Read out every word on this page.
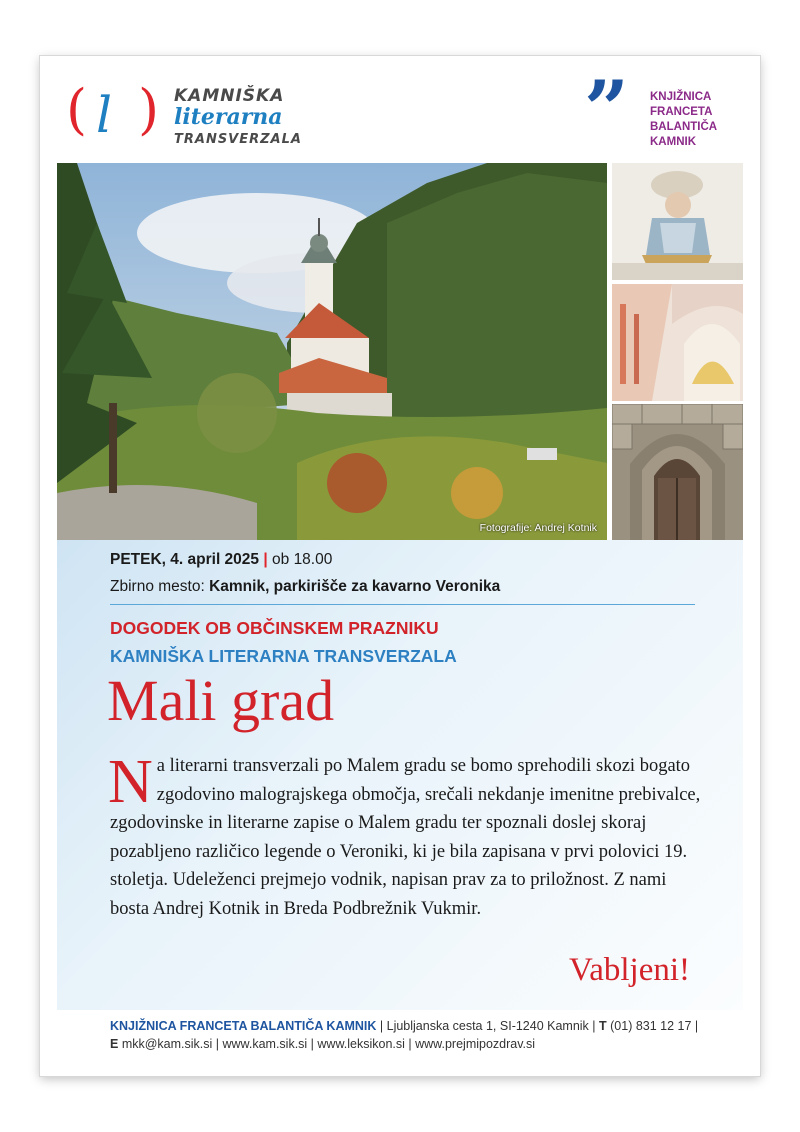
( l ) KAMNIŠKA
literarna
TRANSVERZALA	” KNJIŽNICA
FRANCETA
BALANTIČA
KAMNIK
Fotografije: Andrej Kotnik
PETEK, 4. april 2025 | ob 18.00
Zbirno mesto: Kamnik, parkirišče za kavarno Veronika
DOGODEK OB OBČINSKEM PRAZNIKU
KAMNIŠKA LITERARNA TRANSVERZALA
Mali grad
Na literarni transverzali po Malem gradu se bomo sprehodili skozi bogato zgodovino malograjskega območja, srečali nekdanje imenitne prebivalce, zgodovinske in literarne zapise o Malem gradu ter spoznali doslej skoraj pozabljeno različico legende o Veroniki, ki je bila zapisana v prvi polovici 19. stoletja. Udeleženci prejmejo vodnik, napisan prav za to priložnost. Z nami bosta Andrej Kotnik in Breda Podbrežnik Vukmir.
Vabljeni!
KNJIŽNICA FRANCETA BALANTIČA KAMNIK | Ljubljanska cesta 1, SI-1240 Kamnik | T (01) 831 12 17 | E mkk@kam.sik.si | www.kam.sik.si | www.leksikon.si | www.prejmipozdrav.si
